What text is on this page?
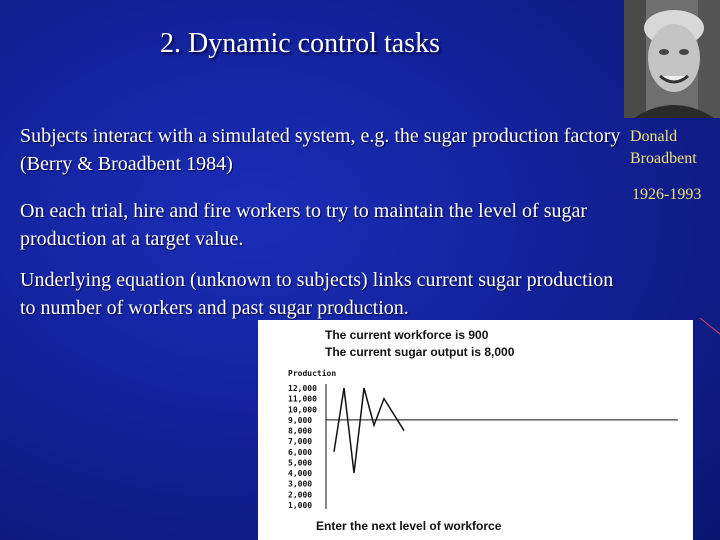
2. Dynamic control tasks
Subjects interact with a simulated system, e.g. the sugar production factory (Berry & Broadbent 1984)
On each trial, hire and fire workers to try to maintain the level of sugar production at a target value.
Underlying equation (unknown to subjects) links current sugar production to number of workers and past sugar production.
Donald
Broadbent
1926-1993
The current workforce is 900
The current sugar output is 8,000
Production
12,000
11,000
10,000
9,000
8,000
7,000
6,000
5,000
4,000
3,000
2,000
1,000
Enter the next level of workforce
